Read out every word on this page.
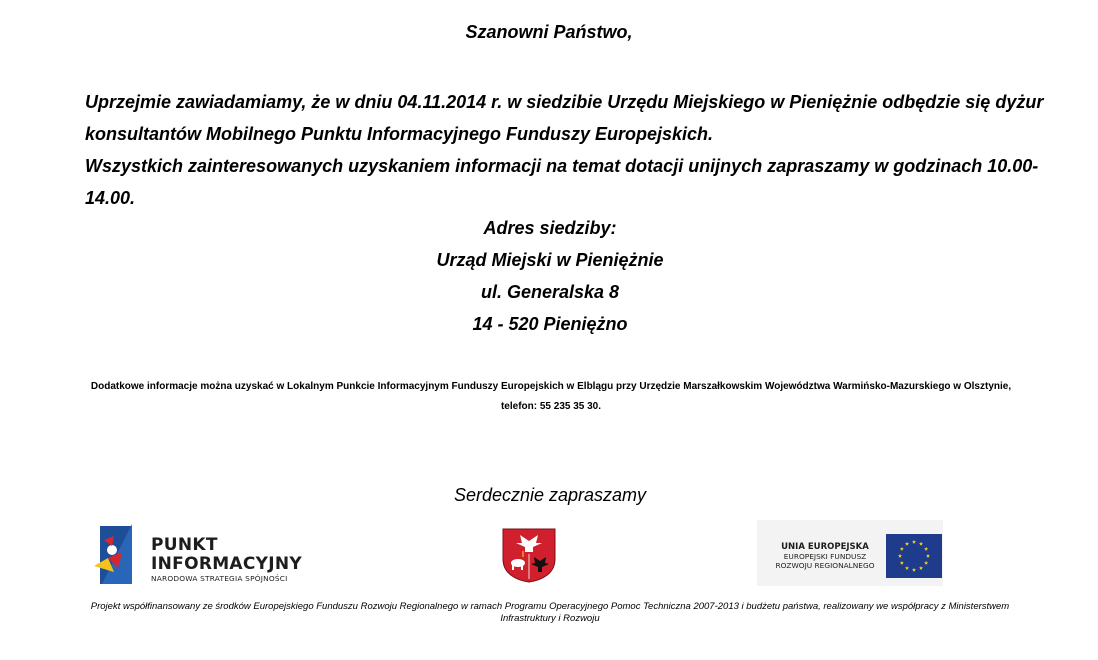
Szanowni Państwo,

Uprzejmie zawiadamiamy, że w dniu 04.11.2014 r. w siedzibie Urzędu Miejskiego w Pieniężnie odbędzie się dyżur konsultantów Mobilnego Punktu Informacyjnego Funduszy Europejskich.

Wszystkich zainteresowanych uzyskaniem informacji na temat dotacji unijnych zapraszamy w godzinach 10.00-14.00.

Adres siedziby:
Urząd Miejski w Pieniężnie
ul. Generalska 8
14 - 520 Pieniężno
Dodatkowe informacje można uzyskać w Lokalnym Punkcie Informacyjnym Funduszy Europejskich w Elblągu przy Urzędzie Marszałkowskim Województwa Warmińsko-Mazurskiego w Olsztynie, telefon: 55 235 35 30.
Serdecznie zapraszamy
PUNKT
INFORMACYJNY
NARODOWA STRATEGIA SPÓJNOŚCI
UNIA EUROPEJSKA
EUROPEJSKI FUNDUSZ
ROZWOJU REGIONALNEGO
Projekt współfinansowany ze środków Europejskiego Funduszu Rozwoju Regionalnego w ramach Programu Operacyjnego Pomoc Techniczna 2007-2013 i budżetu państwa, realizowany we współpracy z Ministerstwem Infrastruktury i Rozwoju
